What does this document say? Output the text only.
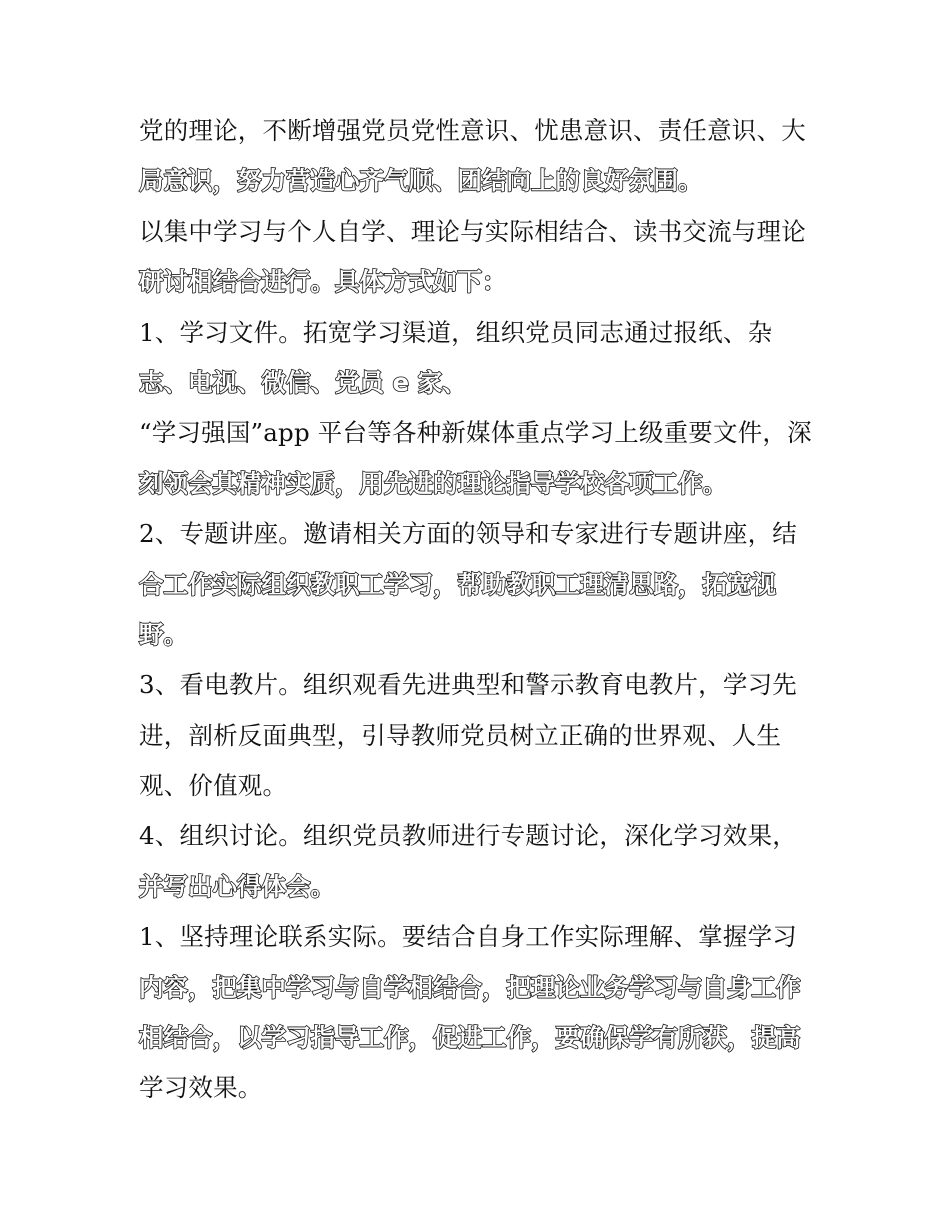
党的理论，不断增强党员党性意识、忧患意识、责任意识、大
局意识，努力营造心齐气顺、团结向上的良好氛围。
以集中学习与个人自学、理论与实际相结合、读书交流与理论
研讨相结合进行。具体方式如下：
1、学习文件。拓宽学习渠道，组织党员同志通过报纸、杂
志、电视、微信、党员 e 家、
“学习强国”app 平台等各种新媒体重点学习上级重要文件，深
刻领会其精神实质，用先进的理论指导学校各项工作。
2、专题讲座。邀请相关方面的领导和专家进行专题讲座，结
合工作实际组织教职工学习，帮助教职工理清思路，拓宽视
野。
3、看电教片。组织观看先进典型和警示教育电教片，学习先
进，剖析反面典型，引导教师党员树立正确的世界观、人生
观、价值观。
4、组织讨论。组织党员教师进行专题讨论，深化学习效果，
并写出心得体会。
1、坚持理论联系实际。要结合自身工作实际理解、掌握学习
内容，把集中学习与自学相结合，把理论业务学习与自身工作
相结合，以学习指导工作，促进工作，要确保学有所获，提高
学习效果。
